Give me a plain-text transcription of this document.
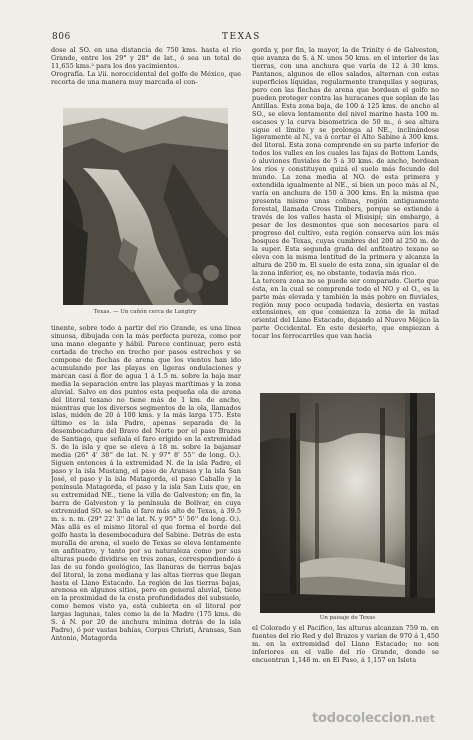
806	TEXAS

dose al SO. en una distancia de 750 kms. hasta el río Grande, entre los 29° y 28° de lat., ó sea un total de 11,655 kms.² para los dos yacimientos.

Orografía. La i/ii. noroccidental del golfo de México, que recorta de una manera muy marcada el con-

Texas. — Un cañón cerca de Langtry

tinente, sobre todo á partir del río Grande, es una línea sinuosa, dibujada con la más perfecta pureza, como por una mano elegante y hábil. Parece continuar, pero está cortada de trecho en trecho por pasos estrechos y se compone de flechas de arena que los vientos han ido acumulando por las playas en ligeras ondulaciones y marcan casi á flor de agua 1 á 1.5 m. sobre la baja mar media la separación entre las playas marítimas y la zona aluvial. Salvo en dos puntos esta pequeña ola de arena del litoral texano no tiene más de 1 km. de ancho, mientras que los diversos segmentos de la ola, llamados islas, miden de 20 á 100 kms. y la más larga 175. Este último es la isla Padre, apenas separada de la desembocadura del Bravo del Norte por el paso Brazos de Santiago, que señala el faro erigido en la extremidad S. de la isla y que se eleva á 18 m. sobre la bajamar media (26° 4' 38'' de lat. N. y 97° 8' 55'' de long. O.). Siguen entonces á la extremidad N. de la isla Padre, el paso y la isla Mustang, el paso de Aransas y la isla San José, el paso y la isla Matagorda, el paso Caballo y la península Matagorda, el paso y la isla San Luis que, en su extremidad NE., tiene la villa de Galveston; en fin, la barra de Galveston y la península de Bolívar, en cuya extremidad SO. se halla el faro más alto de Texas, á 39.5 m. s. n. m. (29° 22' 3'' de lat. N. y 95° 5' 56'' de long. O.). Más allá es el mismo litoral el que forma el borde del golfo hasta la desembocadura del Sabine. Detrás de esta muralla de arena, el suelo de Texas se eleva lentamente en anfiteatro, y tanto por su naturaleza como por sus alturas puede dividirse en tres zonas, correspondiendo á las de su fondo geológico, las llanuras de tierras bajas del litoral, la zona mediana y las altas tierras que llegan hasta el Llano Estacado. La región de las tierras bajas, arenosa en algunos sitios, pero en general aluvial, tiene en la proximidad de la costa profundidades del subsuelo, como hemos visto ya, está cubierta en el litoral por largas lagunas, tales como la de la Madre (175 kms. de S. á N. por 20 de anchura mínima detrás de la isla Padre), ó por vastas bahías, Corpus Christi, Aransas, San Antonio, Matagorda

gorda y, por fin, la mayor, la de Trinity ó de Galveston, que avanza de S. á N. unos 50 kms. en el interior de las tierras, con una anchura que varía de 12 á 30 kms. Pantanos, algunos de ellos salados, alternan con estas superficies líquidas, regularmente tranquilas y seguras, pero con las flechas de arena que bordean el golfo no pueden proteger contra las huracanes que soplan de las Antillas. Esta zona baja, de 100 á 125 kms. de ancho al SO., se eleva lentamente del nivel marino hasta 100 m. escasos y la curva bisometrica de 50 m., ó sea altura sigue el límite y se prolonga al NE., inclinándose ligeramente al N., va á cortar el Alto Sabine á 300 kms. del litoral. Esta zona comprende en su parte inferior de todos los valles en los cuales las fajas de Bottom Lands, ó aluviones fluviales de 5 á 30 kms. de ancho, bordean los ríos y constituyen quizá el suelo más fecundo del mundo. La zona media al NO. de esta primera y extendida igualmente al NE., si bien un poco más al N., varía en anchura de 150 á 300 kms. En la misma que presenta mismo unas colinas, región antiguamente forestal, llamada Cross Timbers, porque se extiende á través de los valles hasta el Misisipí; sin embargo, á pesar de los desmontes que son necesarios para el progreso del cultivo, esta región conserva aún los más bosques de Texas, cuyas cumbres del 200 al 250 m. de la super. Esta segunda grada del anfiteatro texano se eleva con la misma lentitud de la primera y alcanza la altura de 250 m. El suelo de esta zona, sin igualar el de la zona inferior, es, no obstante, todavía más rico.

La tercera zona no se puede ser comparado. Cierto que ésta, en la cual se comprende todo el NO y el O., es la parte más elevada y también la más pobre en fluviales, región muy poco ocupada todavía, desierta en vastas extensiones, en que comienza la zona de la mitad oriental del Llano Estacado, dejando al Nuevo Méjico la parte Occidental. En este desierto, que empiezan á tocar los ferrocarriles que van hacia

Un paisaje de Texas

el Colorado y el Pacífico, las alturas alcanzan 759 m. en fuentes del río Red y del Brazos y varían de 970 á 1,450 m. en la extremidad del Llano Estacado; no son inferiores en el valle del río Grande, donde se encuentran 1,148 m. en El Paso, á 1,157 en Isleta

todocoleccion.net
